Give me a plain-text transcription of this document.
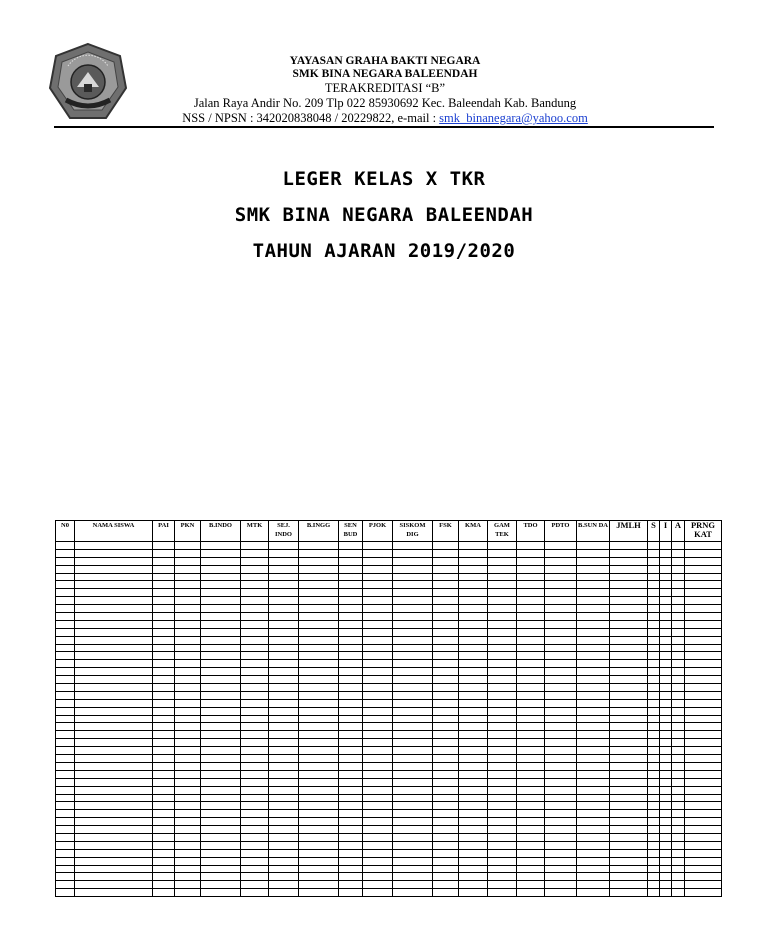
YAYASAN GRAHA BAKTI NEGARA
SMK BINA NEGARA BALEENDAH
TERAKREDITASI “B”
Jalan Raya Andir No. 209 Tlp 022 85930692 Kec. Baleendah Kab. Bandung
NSS / NPSN : 342020838048 / 20229822, e-mail : smk_binanegara@yahoo.com
LEGER KELAS X TKR
SMK BINA NEGARA BALEENDAH
TAHUN AJARAN 2019/2020
N0	NAMA SISWA	PAI	PKN	B.INDO	MTK	SEJ. INDO	B.INGG	SEN BUD	PJOK	SISKOM DIG	FSK	KMA	GAM TEK	TDO	PDTO	B.SUN DA	JMLH	S	I	A	PRNG KAT
